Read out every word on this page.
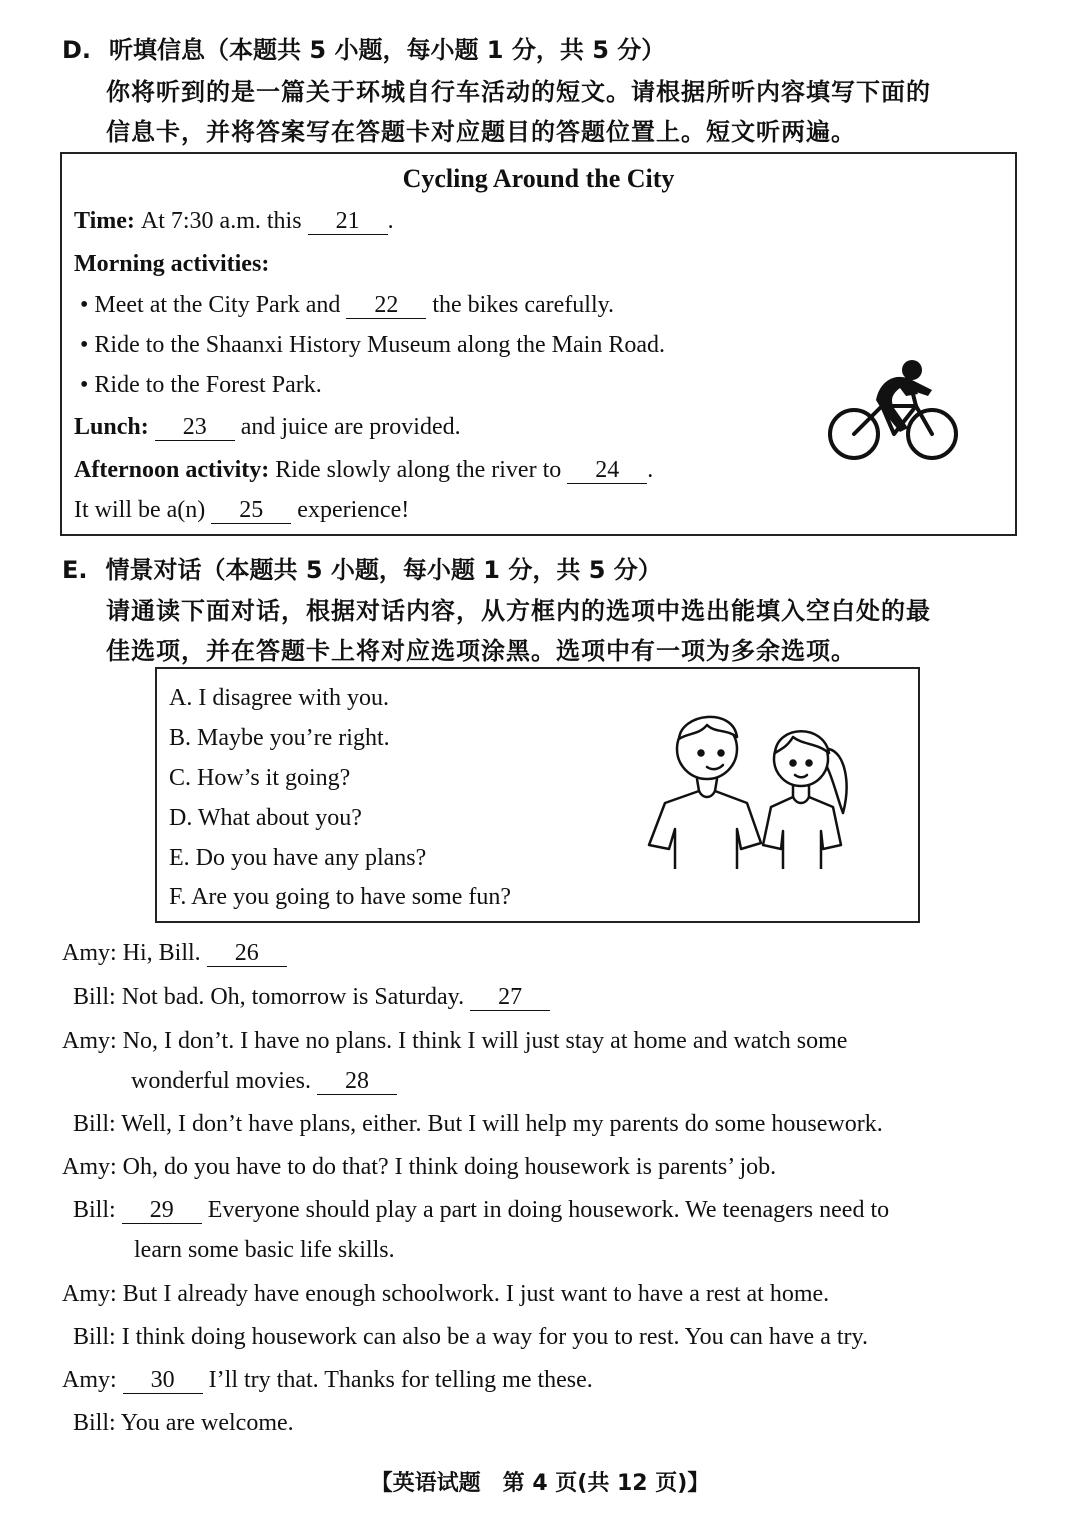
D. 听填信息（本题共 5 小题，每小题 1 分，共 5 分）
你将听到的是一篇关于环城自行车活动的短文。请根据所听内容填写下面的
信息卡，并将答案写在答题卡对应题目的答题位置上。短文听两遍。
Cycling Around the City
Time: At 7:30 a.m. this 21 .
Morning activities:
• Meet at the City Park and 22 the bikes carefully.
• Ride to the Shaanxi History Museum along the Main Road.
• Ride to the Forest Park.
Lunch: 23 and juice are provided.
Afternoon activity: Ride slowly along the river to 24 .
It will be a(n) 25 experience!
E. 情景对话（本题共 5 小题，每小题 1 分，共 5 分）
请通读下面对话，根据对话内容，从方框内的选项中选出能填入空白处的最
佳选项，并在答题卡上将对应选项涂黑。选项中有一项为多余选项。
A. I disagree with you.
B. Maybe you’re right.
C. How’s it going?
D. What about you?
E. Do you have any plans?
F. Are you going to have some fun?
Amy: Hi, Bill. 26
Bill: Not bad. Oh, tomorrow is Saturday. 27
Amy: No, I don’t. I have no plans. I think I will just stay at home and watch some
wonderful movies. 28
Bill: Well, I don’t have plans, either. But I will help my parents do some housework.
Amy: Oh, do you have to do that? I think doing housework is parents’ job.
Bill: 29 Everyone should play a part in doing housework. We teenagers need to
learn some basic life skills.
Amy: But I already have enough schoolwork. I just want to have a rest at home.
Bill: I think doing housework can also be a way for you to rest. You can have a try.
Amy: 30 I’ll try that. Thanks for telling me these.
Bill: You are welcome.
【英语试题　第 4 页(共 12 页)】
